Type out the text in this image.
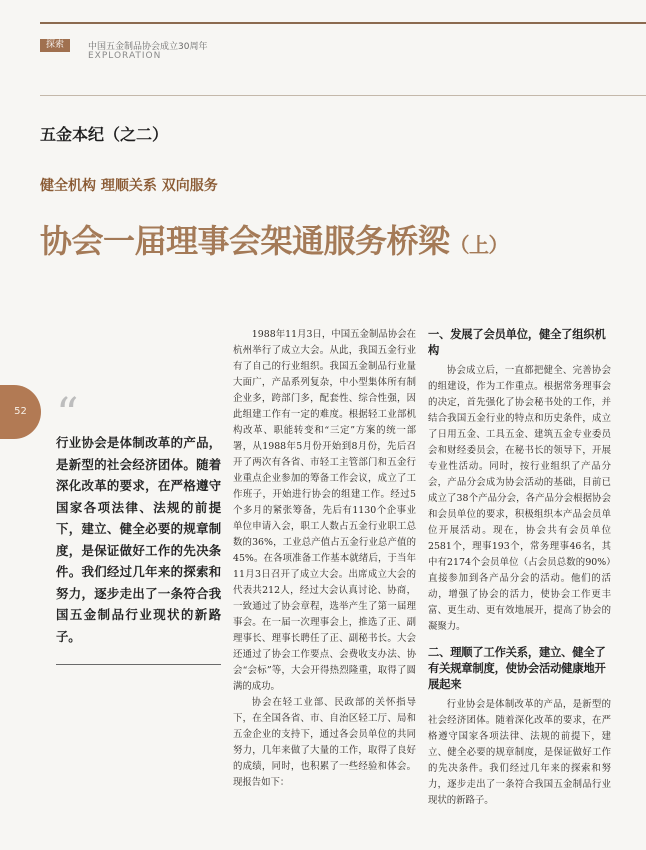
探索	中国五金制品协会成立30周年
EXPLORATION
五金本纪（之二）
健全机构 理顺关系 双向服务
协会一届理事会架通服务桥梁（上）
52 “
行业协会是体制改革的产品，是新型的社会经济团体。随着深化改革的要求，在严格遵守国家各项法律、法规的前提下，建立、健全必要的规章制度，是保证做好工作的先决条件。我们经过几年来的探索和努力，逐步走出了一条符合我国五金制品行业现状的新路子。

1988年11月3日，中国五金制品协会在杭州举行了成立大会。从此，我国五金行业有了自己的行业组织。我国五金制品行业量大面广，产品系列复杂，中小型集体所有制企业多，跨部门多，配套性、综合性强，因此组建工作有一定的难度。根据轻工业部机构改革、职能转变和“三定”方案的统一部署，从1988年5月份开始到8月份，先后召开了两次有各省、市轻工主管部门和五金行业重点企业参加的筹备工作会议，成立了工作班子，开始进行协会的组建工作。经过5个多月的紧张筹备，先后有1130个企事业单位申请入会，职工人数占五金行业职工总数的36%，工业总产值占五金行业总产值的45%。在各项准备工作基本就绪后，于当年11月3日召开了成立大会。出席成立大会的代表共212人，经过大会认真讨论、协商，一致通过了协会章程，选举产生了第一届理事会。在一届一次理事会上，推选了正、副理事长、理事长聘任了正、副秘书长。大会还通过了协会工作要点、会费收支办法、协会“会标”等，大会开得热烈隆重，取得了圆满的成功。

协会在轻工业部、民政部的关怀指导下，在全国各省、市、自治区轻工厅、局和五金企业的支持下，通过各会员单位的共同努力，几年来做了大量的工作，取得了良好的成绩，同时，也积累了一些经验和体会。现报告如下：

一、发展了会员单位，健全了组织机构

协会成立后，一直都把健全、完善协会的组建设，作为工作重点。根据常务理事会的决定，首先强化了协会秘书处的工作，并结合我国五金行业的特点和历史条件，成立了日用五金、工具五金、建筑五金专业委员会和财经委员会，在秘书长的领导下，开展专业性活动。同时，按行业组织了产品分会，产品分会成为协会活动的基础，目前已成立了38个产品分会，各产品分会根据协会和会员单位的要求，积极组织本产品会员单位开展活动。现在，协会共有会员单位2581个，理事193个，常务理事46名，其中有2174个会员单位（占会员总数的90%）直接参加到各产品分会的活动。他们的活动，增强了协会的活力，使协会工作更丰富、更生动、更有效地展开，提高了协会的凝聚力。

二、理顺了工作关系，建立、健全了有关规章制度，使协会活动健康地开展起来

行业协会是体制改革的产品，是新型的社会经济团体。随着深化改革的要求，在严格遵守国家各项法律、法规的前提下，建立、健全必要的规章制度，是保证做好工作的先决条件。我们经过几年来的探索和努力，逐步走出了一条符合我国五金制品行业现状的新路子。
